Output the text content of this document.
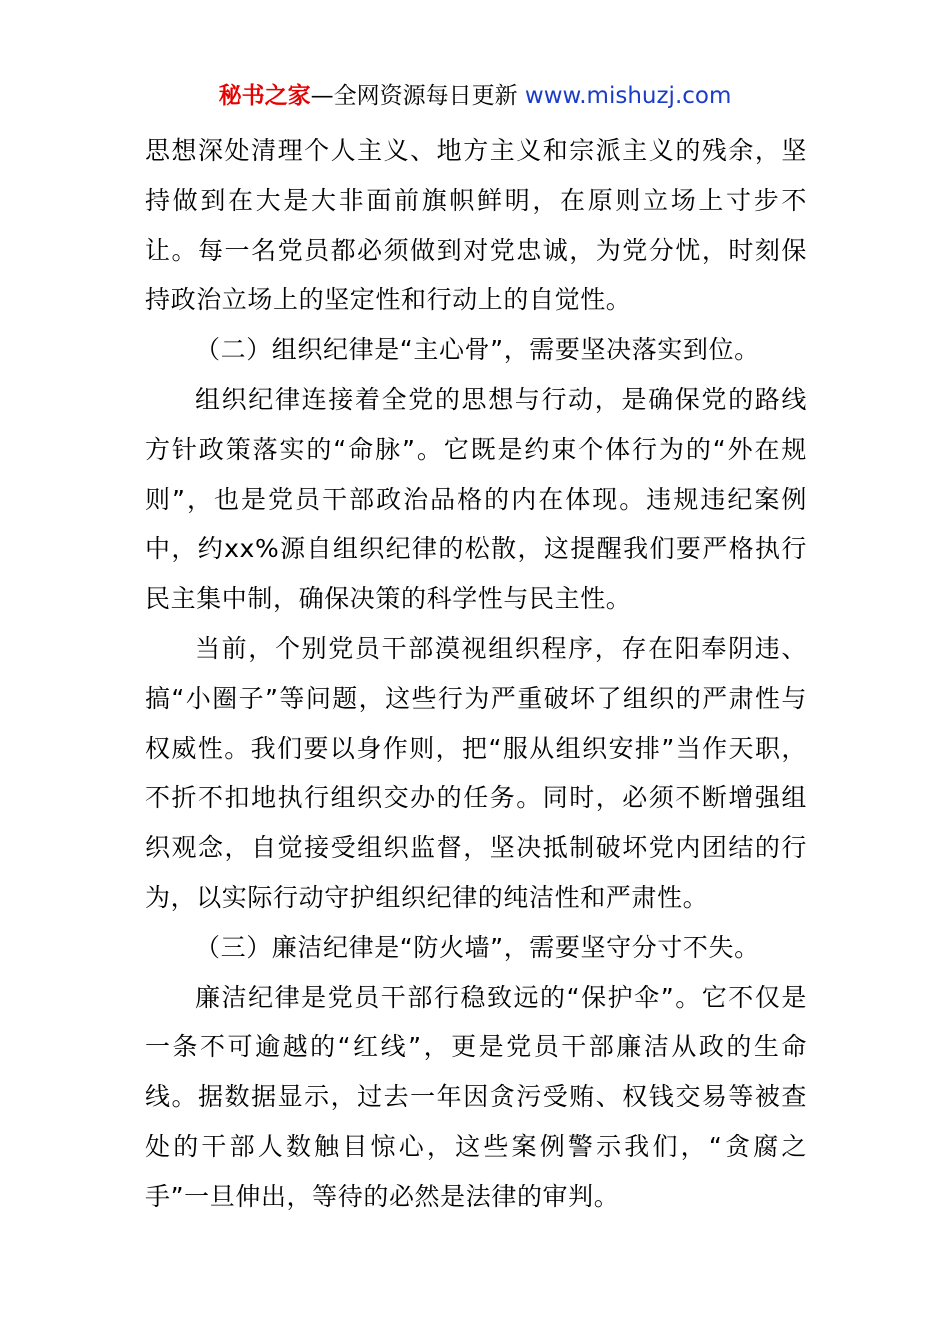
秘书之家—全网资源每日更新 www.mishuzj.com

思想深处清理个人主义、地方主义和宗派主义的残余，坚持做到在大是大非面前旗帜鲜明，在原则立场上寸步不让。每一名党员都必须做到对党忠诚，为党分忧，时刻保持政治立场上的坚定性和行动上的自觉性。

（二）组织纪律是“主心骨”，需要坚决落实到位。

组织纪律连接着全党的思想与行动，是确保党的路线方针政策落实的“命脉”。它既是约束个体行为的“外在规则”，也是党员干部政治品格的内在体现。违规违纪案例中，约xx%源自组织纪律的松散，这提醒我们要严格执行民主集中制，确保决策的科学性与民主性。

当前，个别党员干部漠视组织程序，存在阳奉阴违、搞“小圈子”等问题，这些行为严重破坏了组织的严肃性与权威性。我们要以身作则，把“服从组织安排”当作天职，不折不扣地执行组织交办的任务。同时，必须不断增强组织观念，自觉接受组织监督，坚决抵制破坏党内团结的行为，以实际行动守护组织纪律的纯洁性和严肃性。

（三）廉洁纪律是“防火墙”，需要坚守分寸不失。

廉洁纪律是党员干部行稳致远的“保护伞”。它不仅是一条不可逾越的“红线”，更是党员干部廉洁从政的生命线。据数据显示，过去一年因贪污受贿、权钱交易等被查处的干部人数触目惊心，这些案例警示我们，“贪腐之手”一旦伸出，等待的必然是法律的审判。
